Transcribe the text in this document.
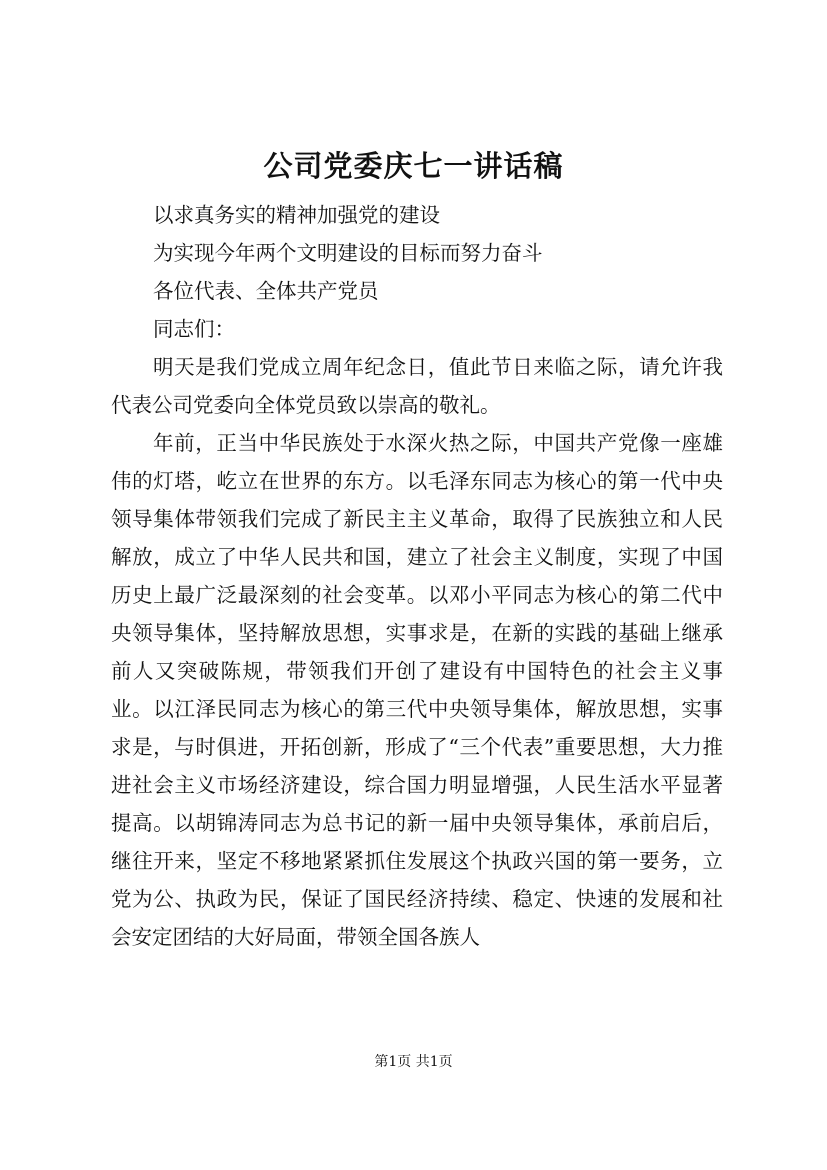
公司党委庆七一讲话稿

以求真务实的精神加强党的建设

为实现今年两个文明建设的目标而努力奋斗

各位代表、全体共产党员

同志们：

明天是我们党成立周年纪念日，值此节日来临之际，请允许我代表公司党委向全体党员致以崇高的敬礼。

年前，正当中华民族处于水深火热之际，中国共产党像一座雄伟的灯塔，屹立在世界的东方。以毛泽东同志为核心的第一代中央领导集体带领我们完成了新民主主义革命，取得了民族独立和人民解放，成立了中华人民共和国，建立了社会主义制度，实现了中国历史上最广泛最深刻的社会变革。以邓小平同志为核心的第二代中央领导集体，坚持解放思想，实事求是，在新的实践的基础上继承前人又突破陈规，带领我们开创了建设有中国特色的社会主义事业。以江泽民同志为核心的第三代中央领导集体，解放思想，实事求是，与时俱进，开拓创新，形成了“三个代表”重要思想，大力推进社会主义市场经济建设，综合国力明显增强，人民生活水平显著提高。以胡锦涛同志为总书记的新一届中央领导集体，承前启后，继往开来，坚定不移地紧紧抓住发展这个执政兴国的第一要务，立党为公、执政为民，保证了国民经济持续、稳定、快速的发展和社会安定团结的大好局面，带领全国各族人

第1页 共1页
